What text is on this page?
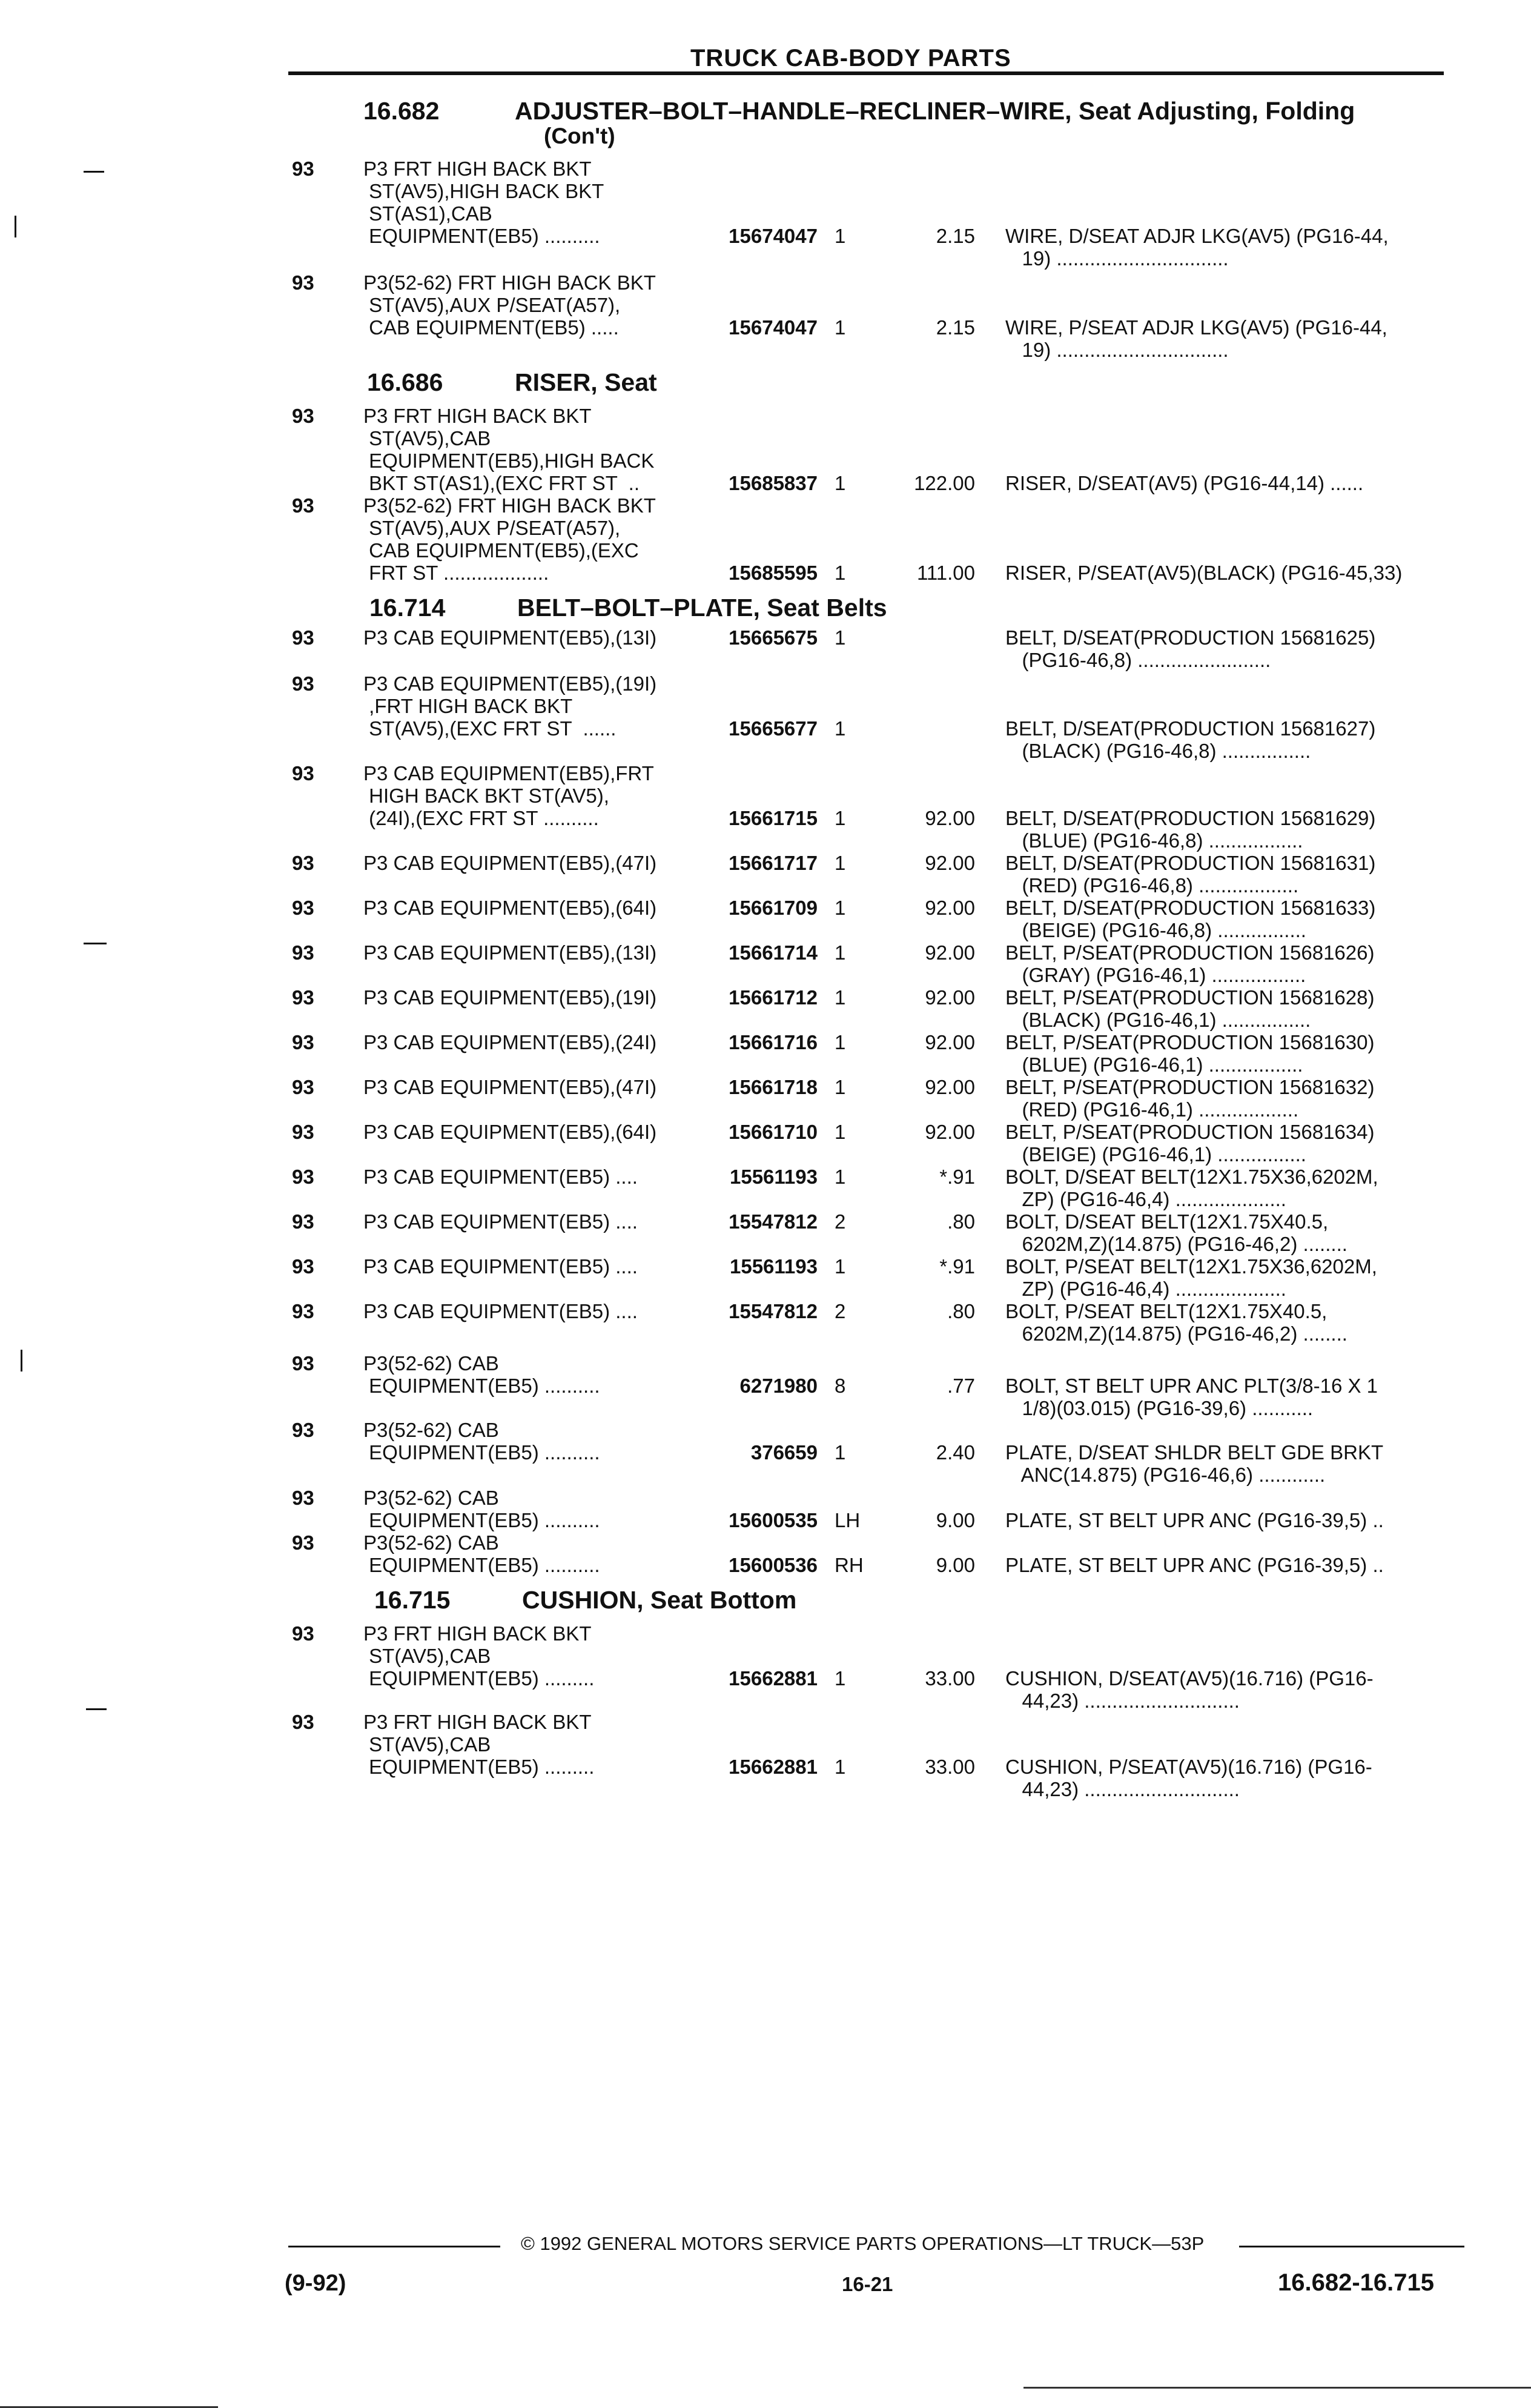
TRUCK CAB-BODY PARTS
16.682	ADJUSTER–BOLT–HANDLE–RECLINER–WIRE, Seat Adjusting, Folding
(Con't)
93 P3 FRT HIGH BACK BKT
ST(AV5),HIGH BACK BKT
ST(AS1),CAB
EQUIPMENT(EB5) ..........	15674047 1	2.15 WIRE, D/SEAT ADJR LKG(AV5) (PG16-44,
19) ...............................
93 P3(52-62) FRT HIGH BACK BKT
ST(AV5),AUX P/SEAT(A57),
CAB EQUIPMENT(EB5) .....	15674047 1	2.15 WIRE, P/SEAT ADJR LKG(AV5) (PG16-44,
19) ...............................
16.686	RISER, Seat
93 P3 FRT HIGH BACK BKT
ST(AV5),CAB
EQUIPMENT(EB5),HIGH BACK
BKT ST(AS1),(EXC FRT ST  ..	15685837 1	122.00 RISER, D/SEAT(AV5) (PG16-44,14) ......
93 P3(52-62) FRT HIGH BACK BKT
ST(AV5),AUX P/SEAT(A57),
CAB EQUIPMENT(EB5),(EXC
FRT ST ...................	15685595 1	111.00 RISER, P/SEAT(AV5)(BLACK) (PG16-45,33)
16.714	BELT–BOLT–PLATE, Seat Belts
93 P3 CAB EQUIPMENT(EB5),(13I)	15665675 1	BELT, D/SEAT(PRODUCTION 15681625)
(PG16-46,8) ........................
93 P3 CAB EQUIPMENT(EB5),(19I)
,FRT HIGH BACK BKT
ST(AV5),(EXC FRT ST  ......	15665677 1	BELT, D/SEAT(PRODUCTION 15681627)
(BLACK) (PG16-46,8) ................
93 P3 CAB EQUIPMENT(EB5),FRT
HIGH BACK BKT ST(AV5),
(24I),(EXC FRT ST ..........	15661715 1	92.00 BELT, D/SEAT(PRODUCTION 15681629)
(BLUE) (PG16-46,8) .................
93 P3 CAB EQUIPMENT(EB5),(47I)	15661717 1	92.00 BELT, D/SEAT(PRODUCTION 15681631)
(RED) (PG16-46,8) ..................
93 P3 CAB EQUIPMENT(EB5),(64I)	15661709 1	92.00 BELT, D/SEAT(PRODUCTION 15681633)
(BEIGE) (PG16-46,8) ................
93 P3 CAB EQUIPMENT(EB5),(13I)	15661714 1	92.00 BELT, P/SEAT(PRODUCTION 15681626)
(GRAY) (PG16-46,1) .................
93 P3 CAB EQUIPMENT(EB5),(19I)	15661712 1	92.00 BELT, P/SEAT(PRODUCTION 15681628)
(BLACK) (PG16-46,1) ................
93 P3 CAB EQUIPMENT(EB5),(24I)	15661716 1	92.00 BELT, P/SEAT(PRODUCTION 15681630)
(BLUE) (PG16-46,1) .................
93 P3 CAB EQUIPMENT(EB5),(47I)	15661718 1	92.00 BELT, P/SEAT(PRODUCTION 15681632)
(RED) (PG16-46,1) ..................
93 P3 CAB EQUIPMENT(EB5),(64I)	15661710 1	92.00 BELT, P/SEAT(PRODUCTION 15681634)
(BEIGE) (PG16-46,1) ................
93 P3 CAB EQUIPMENT(EB5) ....	15561193 1	*.91 BOLT, D/SEAT BELT(12X1.75X36,6202M,
ZP) (PG16-46,4) ....................
93 P3 CAB EQUIPMENT(EB5) ....	15547812 2	.80 BOLT, D/SEAT BELT(12X1.75X40.5,
6202M,Z)(14.875) (PG16-46,2) ........
93 P3 CAB EQUIPMENT(EB5) ....	15561193 1	*.91 BOLT, P/SEAT BELT(12X1.75X36,6202M,
ZP) (PG16-46,4) ....................
93 P3 CAB EQUIPMENT(EB5) ....	15547812 2	.80 BOLT, P/SEAT BELT(12X1.75X40.5,
6202M,Z)(14.875) (PG16-46,2) ........
93 P3(52-62) CAB
EQUIPMENT(EB5) ..........	6271980 8	.77 BOLT, ST BELT UPR ANC PLT(3/8-16 X 1
1/8)(03.015) (PG16-39,6) ...........
93 P3(52-62) CAB
EQUIPMENT(EB5) ..........	376659 1	2.40 PLATE, D/SEAT SHLDR BELT GDE BRKT
ANC(14.875) (PG16-46,6) ............
93 P3(52-62) CAB
EQUIPMENT(EB5) ..........	15600535 LH	9.00 PLATE, ST BELT UPR ANC (PG16-39,5) ..
93 P3(52-62) CAB
EQUIPMENT(EB5) ..........	15600536 RH	9.00 PLATE, ST BELT UPR ANC (PG16-39,5) ..
16.715	CUSHION, Seat Bottom
93 P3 FRT HIGH BACK BKT
ST(AV5),CAB
EQUIPMENT(EB5) .........	15662881 1	33.00 CUSHION, D/SEAT(AV5)(16.716) (PG16-
44,23) ............................
93 P3 FRT HIGH BACK BKT
ST(AV5),CAB
EQUIPMENT(EB5) .........	15662881 1	33.00 CUSHION, P/SEAT(AV5)(16.716) (PG16-
44,23) ............................
© 1992 GENERAL MOTORS SERVICE PARTS OPERATIONS—LT TRUCK—53P
(9-92)	16-21	16.682-16.715
